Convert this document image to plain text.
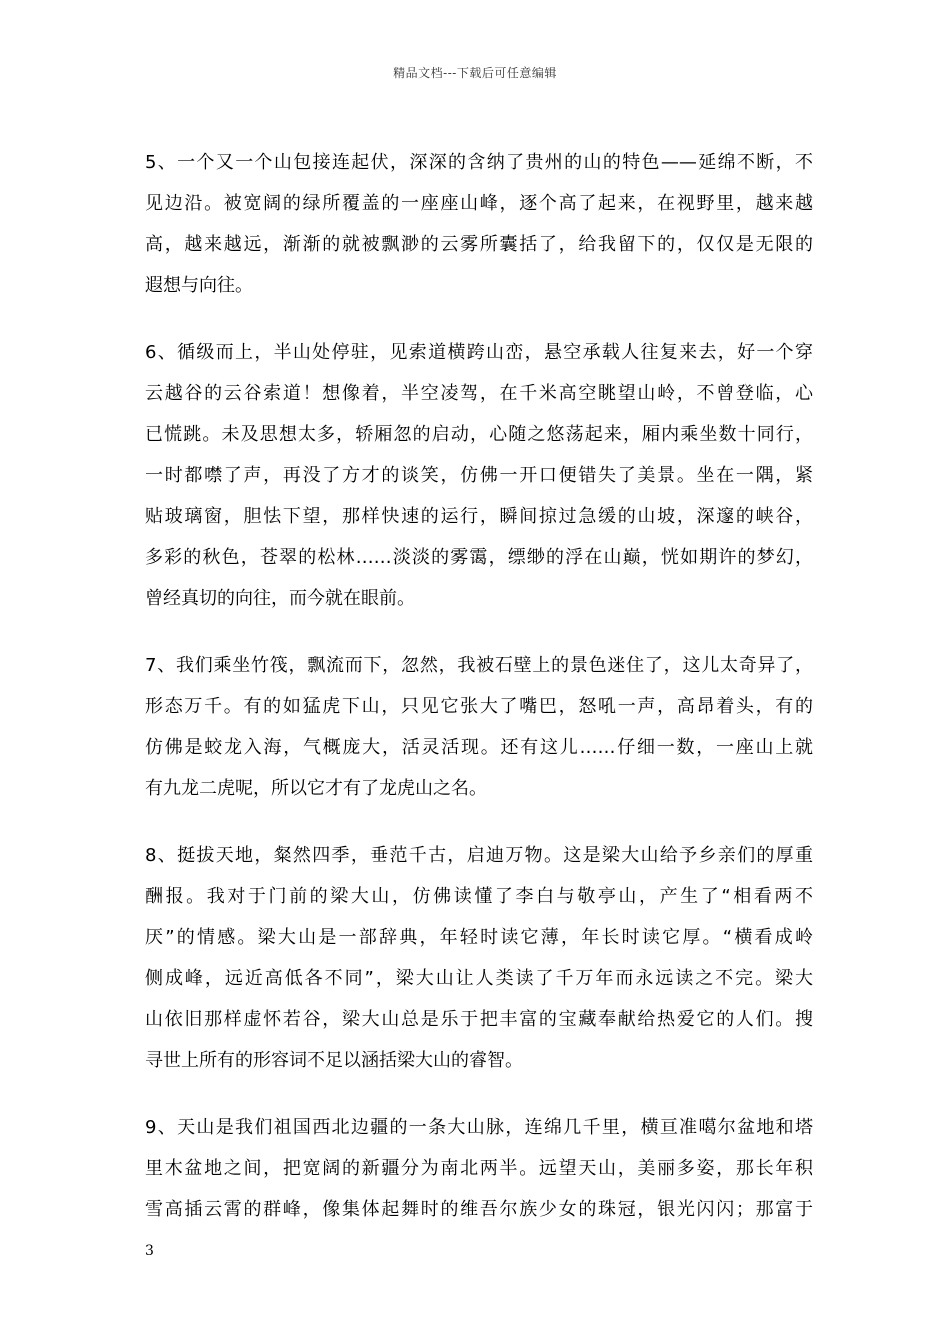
精品文档---下载后可任意编辑
5、一个又一个山包接连起伏，深深的含纳了贵州的山的特色——延绵不断，不
见边沿。被宽阔的绿所覆盖的一座座山峰，逐个高了起来，在视野里，越来越
高，越来越远，渐渐的就被飘渺的云雾所囊括了，给我留下的，仅仅是无限的
遐想与向往。
6、循级而上，半山处停驻，见索道横跨山峦，悬空承载人往复来去，好一个穿
云越谷的云谷索道！想像着，半空凌驾，在千米高空眺望山岭，不曾登临，心
已慌跳。未及思想太多，轿厢忽的启动，心随之悠荡起来，厢内乘坐数十同行，
一时都噤了声，再没了方才的谈笑，仿佛一开口便错失了美景。坐在一隅，紧
贴玻璃窗，胆怯下望，那样快速的运行，瞬间掠过急缓的山坡，深邃的峡谷，
多彩的秋色，苍翠的松林……淡淡的雾霭，缥缈的浮在山巅，恍如期许的梦幻，
曾经真切的向往，而今就在眼前。
7、我们乘坐竹筏，飘流而下，忽然，我被石壁上的景色迷住了，这儿太奇异了，
形态万千。有的如猛虎下山，只见它张大了嘴巴，怒吼一声，高昂着头，有的
仿佛是蛟龙入海，气概庞大，活灵活现。还有这儿……仔细一数，一座山上就
有九龙二虎呢，所以它才有了龙虎山之名。
8、挺拔天地，粲然四季，垂范千古，启迪万物。这是梁大山给予乡亲们的厚重
酬报。我对于门前的梁大山，仿佛读懂了李白与敬亭山，产生了“相看两不
厌”的情感。梁大山是一部辞典，年轻时读它薄，年长时读它厚。“横看成岭
侧成峰，远近高低各不同”，梁大山让人类读了千万年而永远读之不完。梁大
山依旧那样虚怀若谷，梁大山总是乐于把丰富的宝藏奉献给热爱它的人们。搜
寻世上所有的形容词不足以涵括梁大山的睿智。
9、天山是我们祖国西北边疆的一条大山脉，连绵几千里，横亘准噶尔盆地和塔
里木盆地之间，把宽阔的新疆分为南北两半。远望天山，美丽多姿，那长年积
雪高插云霄的群峰，像集体起舞时的维吾尔族少女的珠冠，银光闪闪；那富于
3
